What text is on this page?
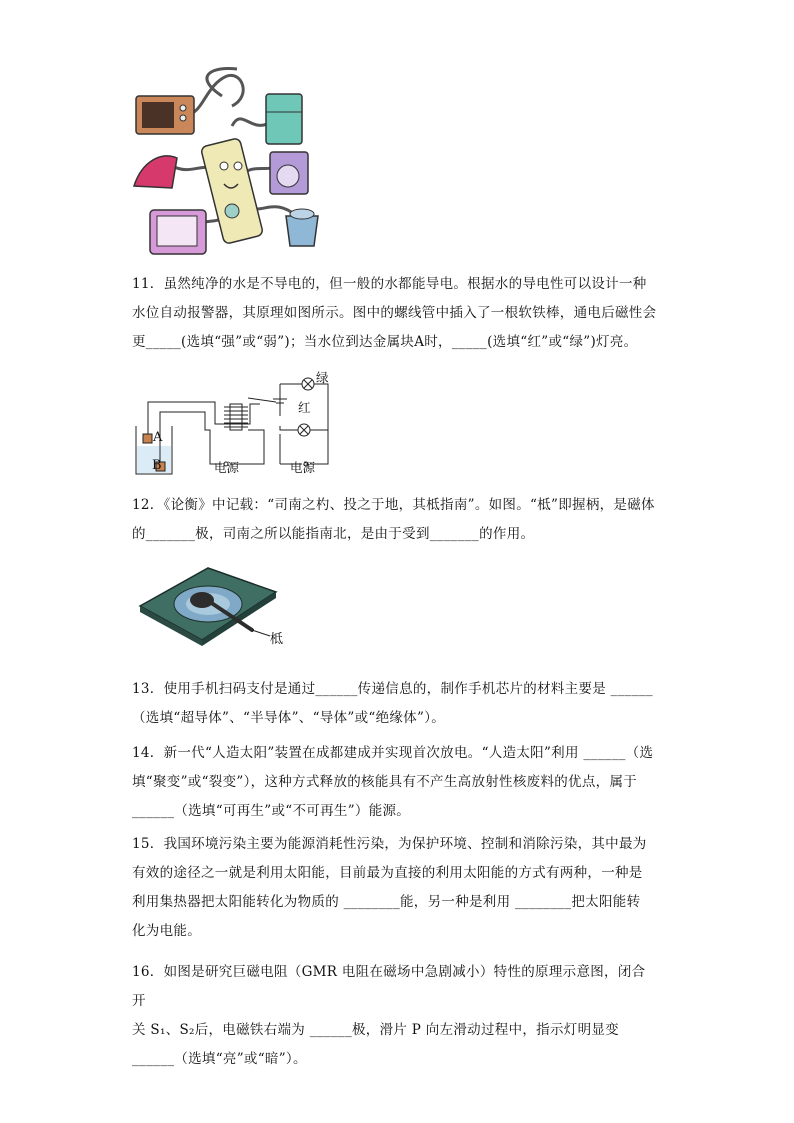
11．虽然纯净的水是不导电的，但一般的水都能导电。根据水的导电性可以设计一种
水位自动报警器，其原理如图所示。图中的螺线管中插入了一根软铁棒，通电后磁性会
更_____(选填“强”或“弱”)；当水位到达金属块A时，_____(选填“红”或“绿”)灯亮。
A
B	电源	电源
绿
红
12．《论衡》中记载：“司南之杓、投之于地，其柢指南”。如图。“柢”即握柄，是磁体
的_______极，司南之所以能指南北，是由于受到_______的作用。
柢
13．使用手机扫码支付是通过______传递信息的，制作手机芯片的材料主要是 ______
（选填“超导体”、“半导体”、“导体”或“绝缘体”）。
14．新一代“人造太阳”装置在成都建成并实现首次放电。“人造太阳”利用 ______（选
填“聚变”或“裂变”），这种方式释放的核能具有不产生高放射性核废料的优点，属于
______（选填“可再生”或“不可再生”）能源。
15．我国环境污染主要为能源消耗性污染，为保护环境、控制和消除污染，其中最为
有效的途径之一就是利用太阳能，目前最为直接的利用太阳能的方式有两种，一种是
利用集热器把太阳能转化为物质的 ________能，另一种是利用 ________把太阳能转
化为电能。
16．如图是研究巨磁电阻（GMR 电阻在磁场中急剧减小）特性的原理示意图，闭合开
关 S₁、S₂后，电磁铁右端为 ______极，滑片 P 向左滑动过程中，指示灯明显变
______（选填“亮”或“暗”）。
